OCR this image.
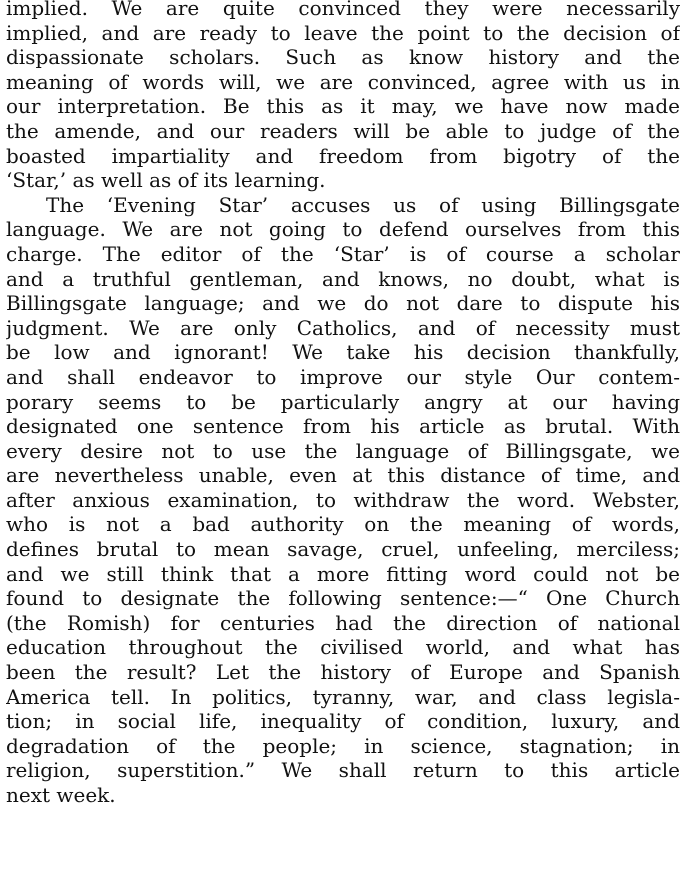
implied. We are quite convinced they were necessarily
implied, and are ready to leave the point to the decision of
dispassionate scholars. Such as know history and the
meaning of words will, we are convinced, agree with us in
our interpretation. Be this as it may, we have now made
the amende, and our readers will be able to judge of the
boasted impartiality and freedom from bigotry of the
‘Star,’ as well as of its learning.
The ‘Evening Star’ accuses us of using Billingsgate
language. We are not going to defend ourselves from this
charge. The editor of the ‘Star’ is of course a scholar
and a truthful gentleman, and knows, no doubt, what is
Billingsgate language; and we do not dare to dispute his
judgment. We are only Catholics, and of necessity must
be low and ignorant! We take his decision thankfully,
and shall endeavor to improve our style Our contem-
porary seems to be particularly angry at our having
designated one sentence from his article as brutal. With
every desire not to use the language of Billingsgate, we
are nevertheless unable, even at this distance of time, and
after anxious examination, to withdraw the word. Webster,
who is not a bad authority on the meaning of words,
defines brutal to mean savage, cruel, unfeeling, merciless;
and we still think that a more fitting word could not be
found to designate the following sentence:—“ One Church
(the Romish) for centuries had the direction of national
education throughout the civilised world, and what has
been the result? Let the history of Europe and Spanish
America tell. In politics, tyranny, war, and class legisla-
tion; in social life, inequality of condition, luxury, and
degradation of the people; in science, stagnation; in
religion, superstition.” We shall return to this article
next week.
